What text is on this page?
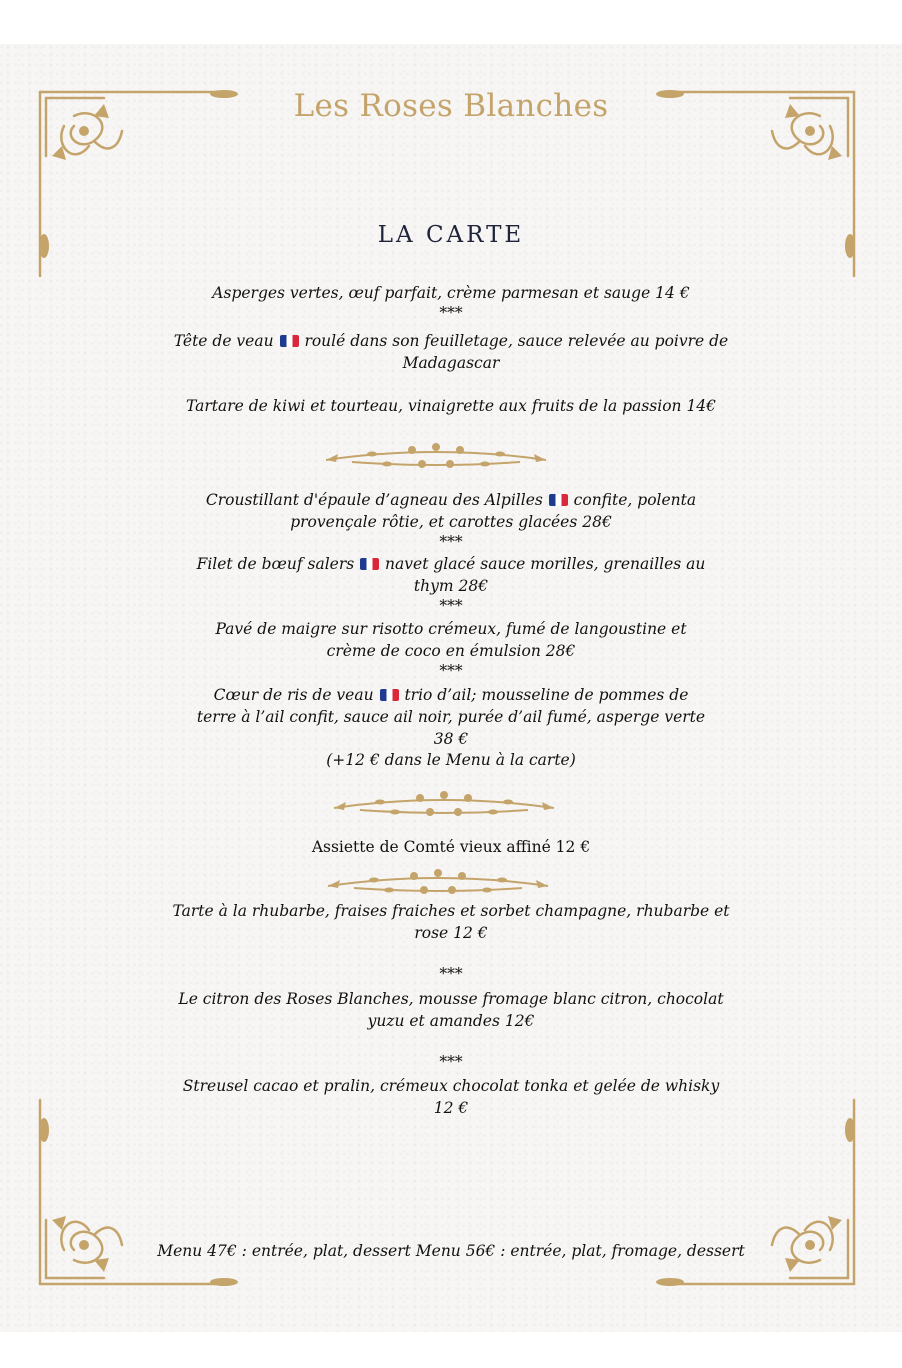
Les Roses Blanches
LA CARTE
Asperges vertes, œuf parfait, crème parmesan et sauge 14 €
***
Tête de veau  roulé dans son feuilletage, sauce relevée au poivre de
Madagascar
Tartare de kiwi et tourteau, vinaigrette aux fruits de la passion 14€
Croustillant d'épaule d’agneau des Alpilles  confite, polenta
provençale rôtie, et carottes glacées 28€
***
Filet de bœuf salers  navet glacé sauce morilles, grenailles au
thym 28€
***
Pavé de maigre sur risotto crémeux, fumé de langoustine et
crème de coco en émulsion 28€
***
Cœur de ris de veau  trio d’ail; mousseline de pommes de
terre à l’ail confit, sauce ail noir, purée d’ail fumé, asperge verte
38 €
(+12 € dans le Menu à la carte)
Assiette de Comté vieux affiné 12 €
Tarte à la rhubarbe, fraises fraiches et sorbet champagne, rhubarbe et
rose 12 €
***
Le citron des Roses Blanches, mousse fromage blanc citron, chocolat
yuzu et amandes 12€
***
Streusel cacao et pralin, crémeux chocolat tonka et gelée de whisky
12 €
Menu 47€ : entrée, plat, dessert Menu 56€ : entrée, plat, fromage, dessert
